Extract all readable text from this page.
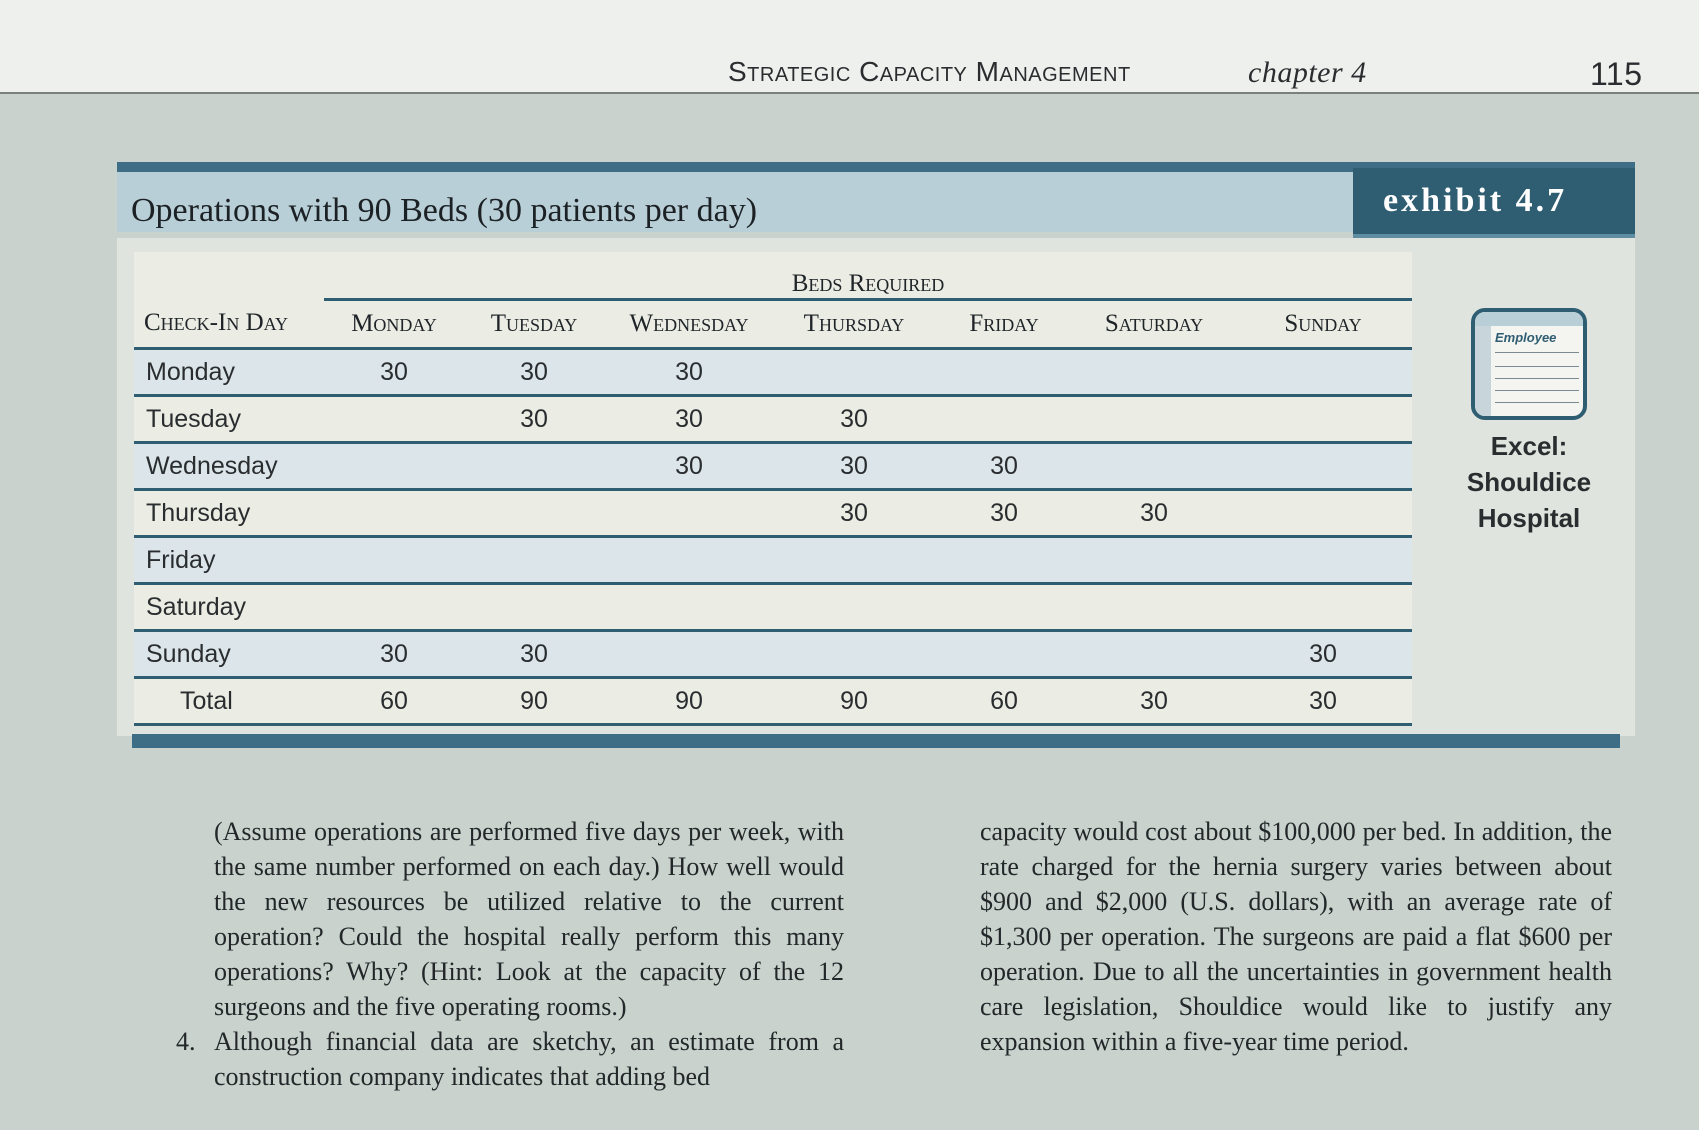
Strategic Capacity Management	chapter 4	115
Operations with 90 Beds (30 patients per day)	exhibit 4.7
	Beds Required						
Check-In Day	Monday	Tuesday	Wednesday	Thursday	Friday	Saturday	Sunday
Monday	30	30	30				
Tuesday		30	30	30			
Wednesday			30	30	30		
Thursday				30	30	30	
Friday							
Saturday							
Sunday	30	30					30
Total	60	90	90	90	60	30	30
Employee
Excel:
Shouldice
Hospital

(Assume operations are performed five days per week, with the same number performed on each day.) How well would the new resources be utilized relative to the current operation? Could the hospital really perform this many operations? Why? (Hint: Look at the capacity of the 12 surgeons and the five operating rooms.)

4. Although financial data are sketchy, an estimate from a construction company indicates that adding bed

capacity would cost about $100,000 per bed. In addition, the rate charged for the hernia surgery varies between about $900 and $2,000 (U.S. dollars), with an average rate of $1,300 per operation. The surgeons are paid a flat $600 per operation. Due to all the uncertainties in government health care legislation, Shouldice would like to justify any expansion within a five-year time period.
